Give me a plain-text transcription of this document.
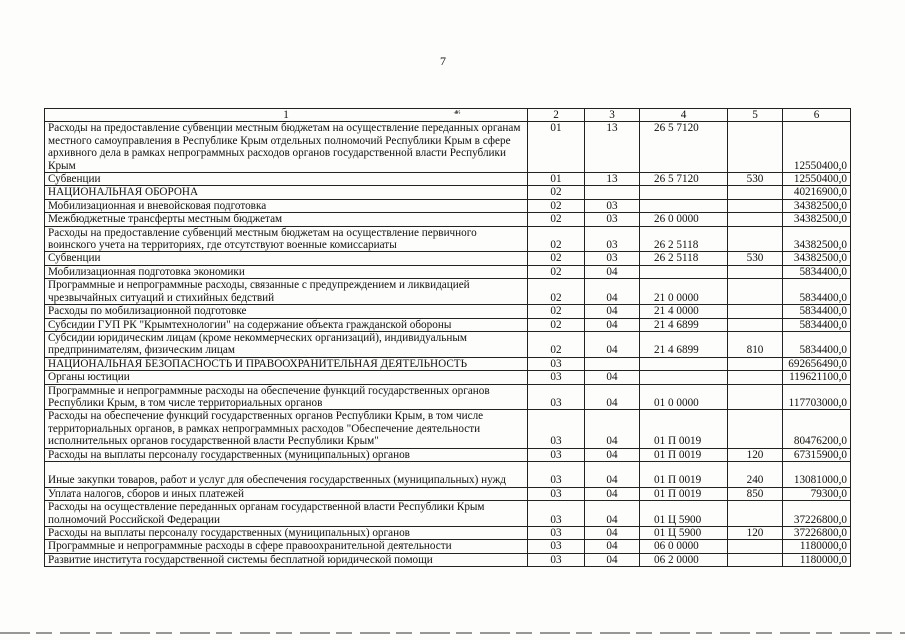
7
☙
1	2	3	4	5	6
Расходы на предоставление субвенции местным бюджетам на осуществление переданных органам местного самоуправления в Республике Крым отдельных полномочий Республики Крым в сфере архивного дела в рамках непрограммных расходов органов государственной власти Республики Крым	01	13	26 5 7120		12550400,0
Субвенции	01	13	26 5 7120	530	12550400,0
НАЦИОНАЛЬНАЯ ОБОРОНА	02				40216900,0
Мобилизационная и вневойсковая подготовка	02	03			34382500,0
Межбюджетные трансферты местным бюджетам	02	03	26 0 0000		34382500,0
Расходы на предоставление субвенций местным бюджетам на осуществление первичного воинского учета на территориях, где отсутствуют военные комиссариаты	02	03	26 2 5118		34382500,0
Субвенции	02	03	26 2 5118	530	34382500,0
Мобилизационная подготовка экономики	02	04			5834400,0
Программные и непрограммные расходы, связанные с предупреждением и ликвидацией чрезвычайных ситуаций и стихийных бедствий	02	04	21 0 0000		5834400,0
Расходы по мобилизационной подготовке	02	04	21 4 0000		5834400,0
Субсидии ГУП РК "Крымтехнологии" на содержание объекта гражданской обороны	02	04	21 4 6899		5834400,0
Субсидии юридическим лицам (кроме некоммерческих организаций), индивидуальным предпринимателям, физическим лицам	02	04	21 4 6899	810	5834400,0
НАЦИОНАЛЬНАЯ БЕЗОПАСНОСТЬ И ПРАВООХРАНИТЕЛЬНАЯ ДЕЯТЕЛЬНОСТЬ	03				692656490,0
Органы юстиции	03	04			119621100,0
Программные и непрограммные расходы на обеспечение функций государственных органов Республики Крым, в том числе территориальных органов	03	04	01 0 0000		117703000,0
Расходы на обеспечение функций государственных органов Республики Крым, в том числе территориальных органов, в рамках непрограммных расходов "Обеспечение деятельности исполнительных органов государственной власти Республики Крым"	03	04	01 П 0019		80476200,0
Расходы на выплаты персоналу государственных (муниципальных) органов	03	04	01 П 0019	120	67315900,0
Иные закупки товаров, работ и услуг для обеспечения государственных (муниципальных) нужд	03	04	01 П 0019	240	13081000,0
Уплата налогов, сборов и иных платежей	03	04	01 П 0019	850	79300,0
Расходы на осуществление переданных органам государственной власти Республики Крым полномочий Российской Федерации	03	04	01 Ц 5900		37226800,0
Расходы на выплаты персоналу государственных (муниципальных) органов	03	04	01 Ц 5900	120	37226800,0
Программные и непрограммные расходы в сфере правоохранительной деятельности	03	04	06 0 0000		1180000,0
Развитие института государственной системы бесплатной юридической помощи	03	04	06 2 0000		1180000,0
